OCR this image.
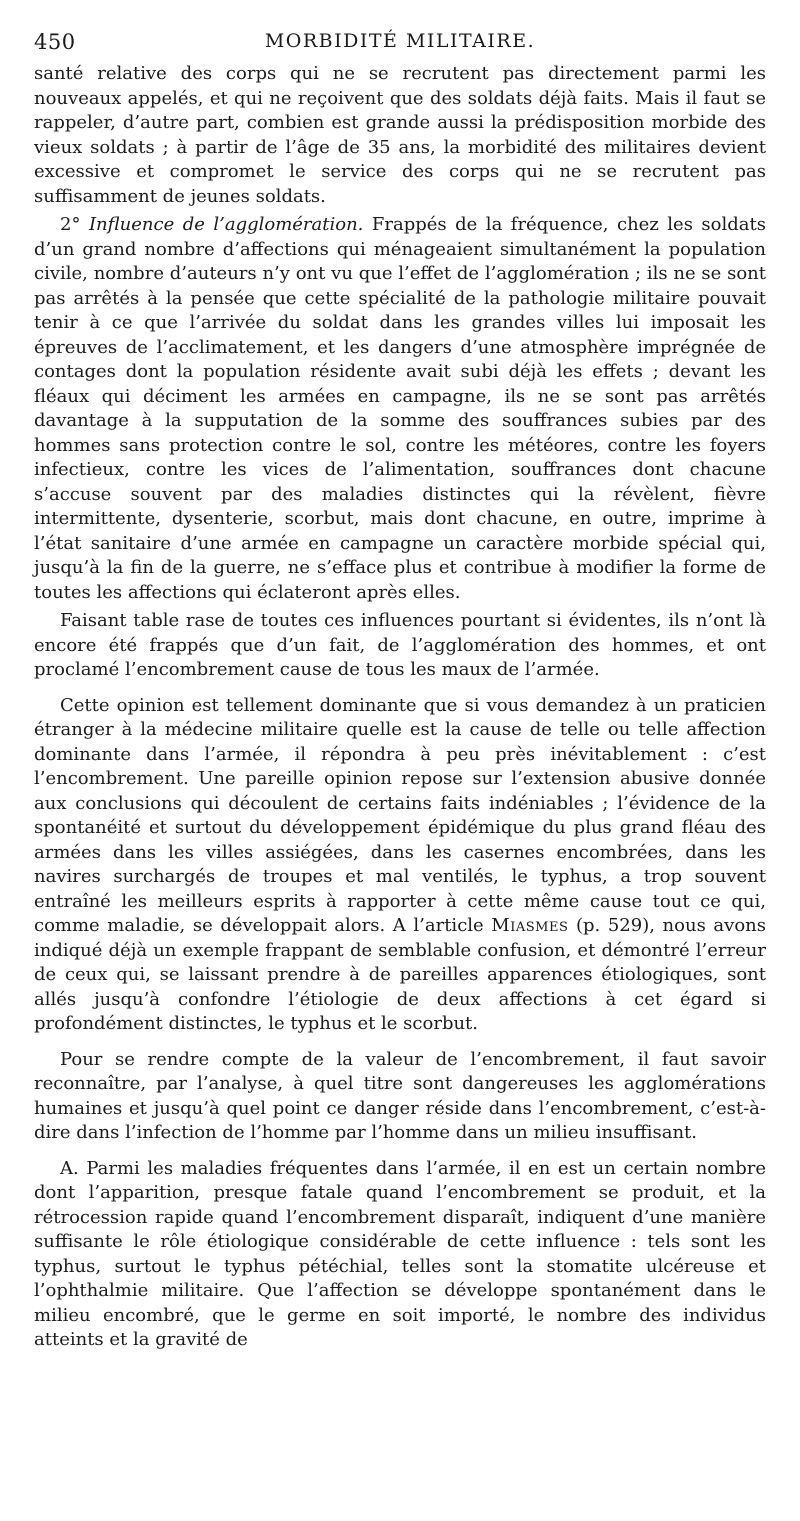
450	MORBIDITÉ MILITAIRE.

santé relative des corps qui ne se recrutent pas directement parmi les nouveaux appelés, et qui ne reçoivent que des soldats déjà faits. Mais il faut se rappeler, d’autre part, combien est grande aussi la prédisposition morbide des vieux soldats ; à partir de l’âge de 35 ans, la morbidité des militaires devient excessive et compromet le service des corps qui ne se recrutent pas suffisamment de jeunes soldats.

2° Influence de l’agglomération. Frappés de la fréquence, chez les soldats d’un grand nombre d’affections qui ménageaient simultanément la population civile, nombre d’auteurs n’y ont vu que l’effet de l’agglomération ; ils ne se sont pas arrêtés à la pensée que cette spécialité de la pathologie militaire pouvait tenir à ce que l’arrivée du soldat dans les grandes villes lui imposait les épreuves de l’acclimatement, et les dangers d’une atmosphère imprégnée de contages dont la population résidente avait subi déjà les effets ; devant les fléaux qui déciment les armées en campagne, ils ne se sont pas arrêtés davantage à la supputation de la somme des souffrances subies par des hommes sans protection contre le sol, contre les météores, contre les foyers infectieux, contre les vices de l’alimentation, souffrances dont chacune s’accuse souvent par des maladies distinctes qui la révèlent, fièvre intermittente, dysenterie, scorbut, mais dont chacune, en outre, imprime à l’état sanitaire d’une armée en campagne un caractère morbide spécial qui, jusqu’à la fin de la guerre, ne s’efface plus et contribue à modifier la forme de toutes les affections qui éclateront après elles.

Faisant table rase de toutes ces influences pourtant si évidentes, ils n’ont là encore été frappés que d’un fait, de l’agglomération des hommes, et ont proclamé l’encombrement cause de tous les maux de l’armée.

Cette opinion est tellement dominante que si vous demandez à un praticien étranger à la médecine militaire quelle est la cause de telle ou telle affection dominante dans l’armée, il répondra à peu près inévitablement : c’est l’encombrement. Une pareille opinion repose sur l’extension abusive donnée aux conclusions qui découlent de certains faits indéniables ; l’évidence de la spontanéité et surtout du développement épidémique du plus grand fléau des armées dans les villes assiégées, dans les casernes encombrées, dans les navires surchargés de troupes et mal ventilés, le typhus, a trop souvent entraîné les meilleurs esprits à rapporter à cette même cause tout ce qui, comme maladie, se développait alors. A l’article Miasmes (p. 529), nous avons indiqué déjà un exemple frappant de semblable confusion, et démontré l’erreur de ceux qui, se laissant prendre à de pareilles apparences étiologiques, sont allés jusqu’à confondre l’étiologie de deux affections à cet égard si profondément distinctes, le typhus et le scorbut.

Pour se rendre compte de la valeur de l’encombrement, il faut savoir reconnaître, par l’analyse, à quel titre sont dangereuses les agglomérations humaines et jusqu’à quel point ce danger réside dans l’encombrement, c’est-à-dire dans l’infection de l’homme par l’homme dans un milieu insuffisant.

A. Parmi les maladies fréquentes dans l’armée, il en est un certain nombre dont l’apparition, presque fatale quand l’encombrement se produit, et la rétrocession rapide quand l’encombrement disparaît, indiquent d’une manière suffisante le rôle étiologique considérable de cette influence : tels sont les typhus, surtout le typhus pétéchial, telles sont la stomatite ulcéreuse et l’ophthalmie militaire. Que l’affection se développe spontanément dans le milieu encombré, que le germe en soit importé, le nombre des individus atteints et la gravité de
